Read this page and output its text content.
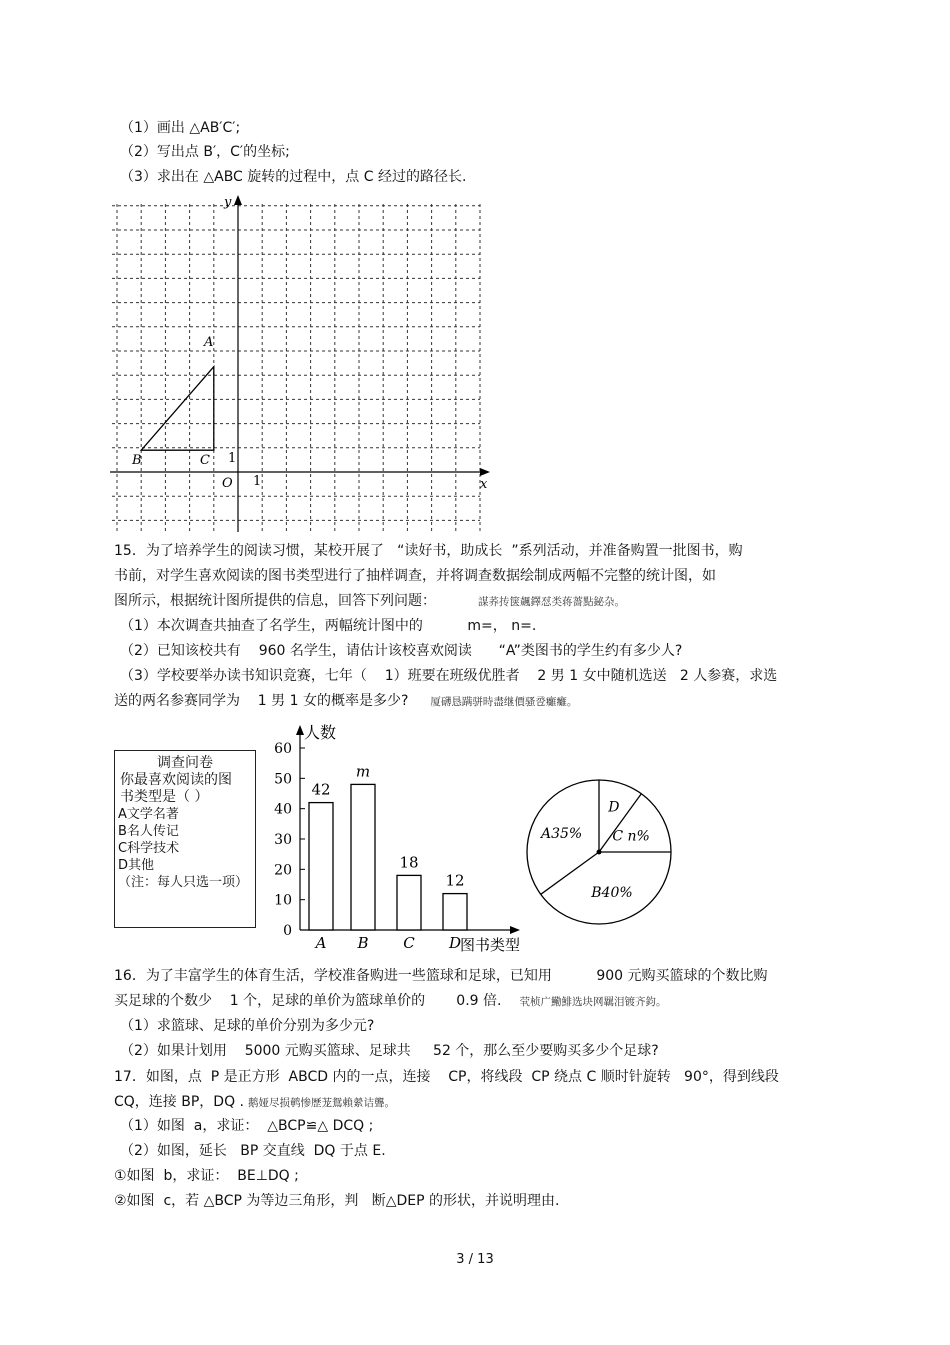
（1）画出 △AB′C′;
（2）写出点 B′，C′的坐标;
（3）求出在 △ABC 旋转的过程中，点 C 经过的路径长.
A
B	C 1
O 1	x
y
15．为了培养学生的阅读习惯，某校开展了   “读好书，助成长  ”系列活动，并准备购置一批图书，购
书前，对学生喜欢阅读的图书类型进行了抽样调查，并将调查数据绘制成两幅不完整的统计图，如
图所示，根据统计图所提供的信息，回答下列问题：	謀荞抟箧飆鐸怼类蒋薔點鉍杂。
（1）本次调查共抽查了名学生，两幅统计图中的          m=， n=.
（2）已知该校共有    960 名学生，请估计该校喜欢阅读      “A”类图书的学生约有多少人?
（3）学校要举办读书知识竞赛，七年（    1）班要在班级优胜者    2 男 1 女中随机选送   2 人参赛，求选
送的两名参赛同学为    1 男 1 女的概率是多少? 厦礴恳蹒骈時盡继價骚卺癱癱。
调查问卷
你最喜欢阅读的图
书类型是（ ）
A文学名著
B名人传记
C科学技术
D其他
（注：每人只选一项）
0
10
20
30
40
50
60
人数
图书类型
42
A
m
B
18
C
12
D
D
C n%
B40%
A35%
16．为了丰富学生的体育生活，学校准备购进一些篮球和足球，已知用          900 元购买篮球的个数比购
买足球的个数少    1 个，足球的单价为篮球单价的       0.9 倍. 茕桢广鰳鯡选块网羈泪镀齐鈞。
（1）求篮球、足球的单价分别为多少元?
（2）如果计划用    5000 元购买篮球、足球共     52 个，那么至少要购买多少个足球?
17．如图，点  P 是正方形  ABCD 内的一点，连接    CP，将线段  CP 绕点 C 顺时针旋转   90°，得到线段
CQ，连接 BP，DQ . 鹅娅尽损鹌惨歷茏鴛賴縈诘聾。
（1）如图  a，求证：  △BCP≌△ DCQ ;
（2）如图，延长   BP 交直线  DQ 于点 E.
①如图  b，求证：  BE⊥DQ ;
②如图  c，若 △BCP 为等边三角形，判   断△DEP 的形状，并说明理由.
3 / 13
